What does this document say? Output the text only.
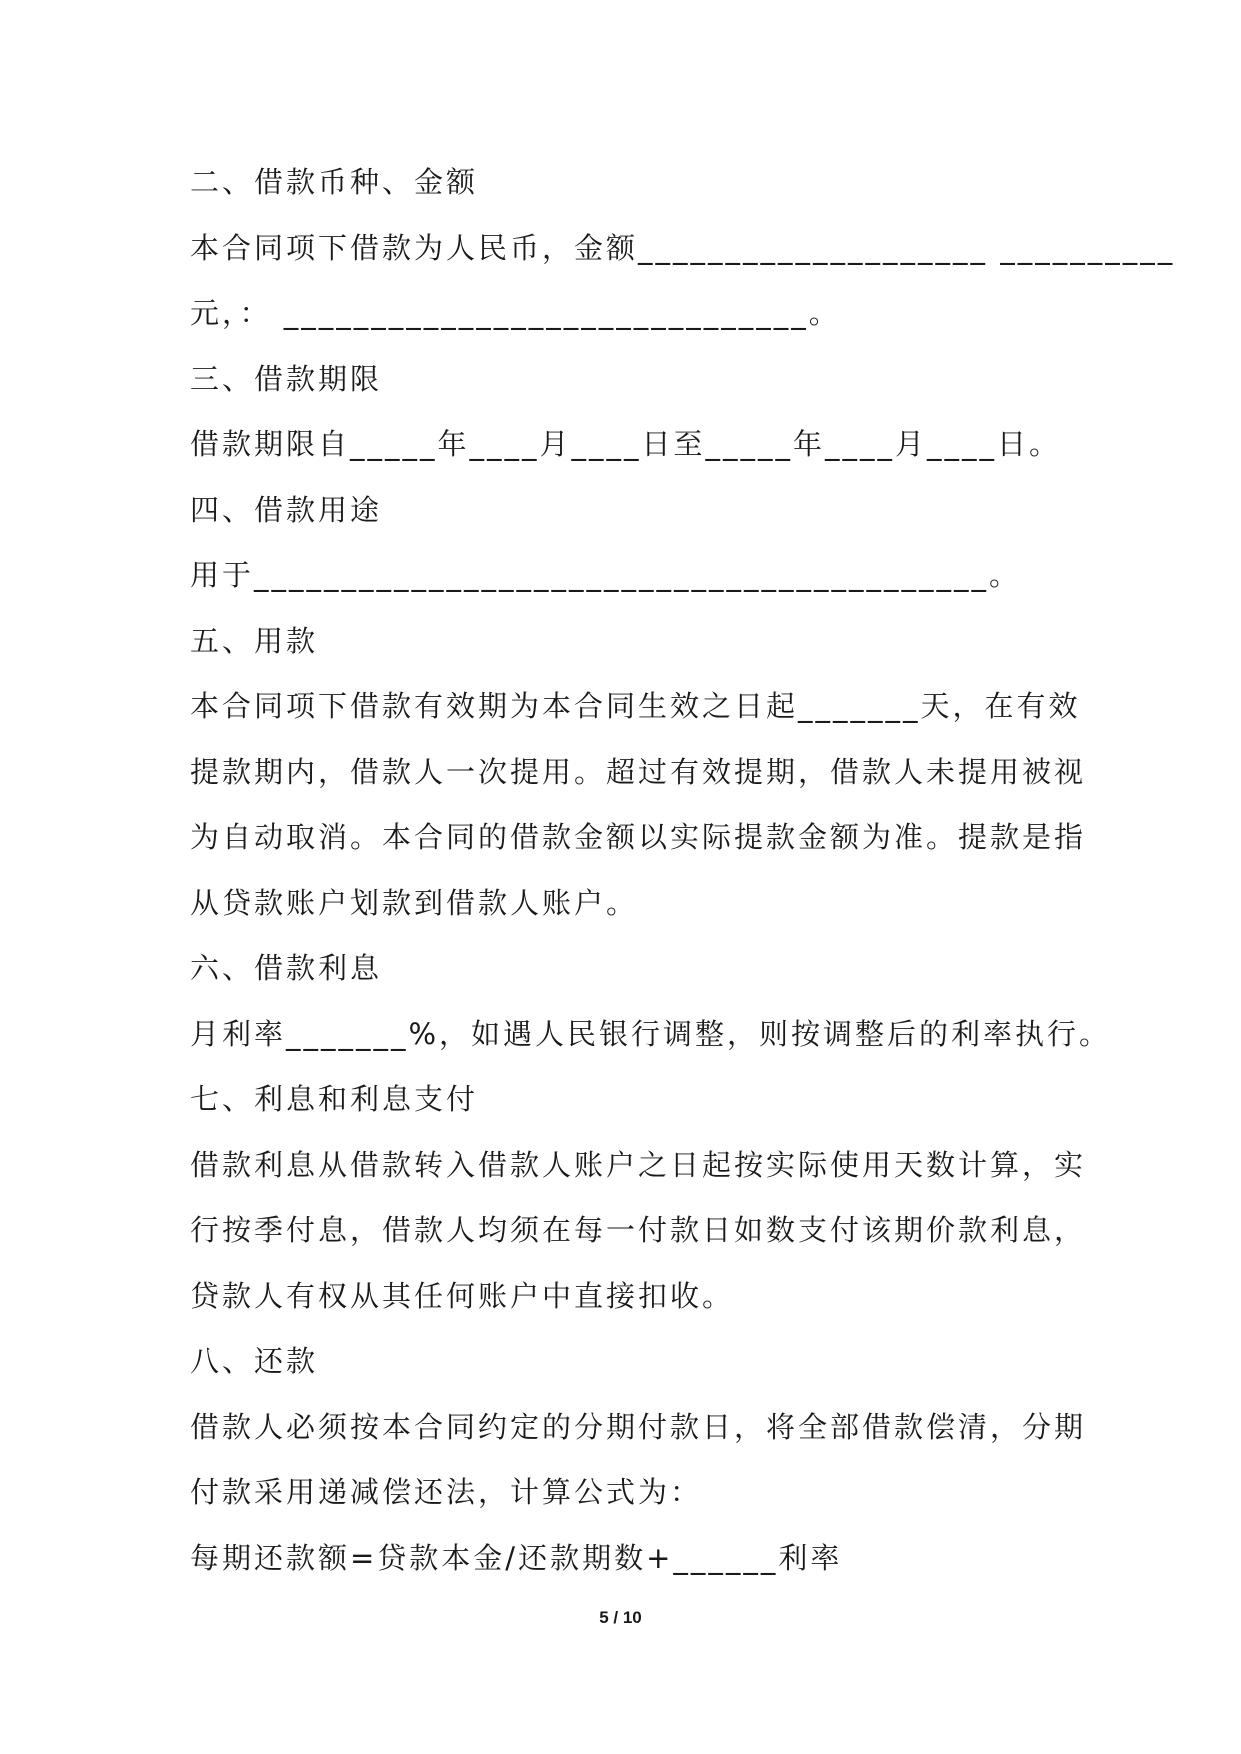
二、借款币种、金额
本合同项下借款为人民币，金额____________________ __________
元，： ______________________________。
三、借款期限
借款期限自_____年____月____日至_____年____月____日。
四、借款用途
用于__________________________________________。
五、用款
本合同项下借款有效期为本合同生效之日起_______天，在有效
提款期内，借款人一次提用。超过有效提期，借款人未提用被视
为自动取消。本合同的借款金额以实际提款金额为准。提款是指
从贷款账户划款到借款人账户。
六、借款利息
月利率_______%，如遇人民银行调整，则按调整后的利率执行。
七、利息和利息支付
借款利息从借款转入借款人账户之日起按实际使用天数计算，实
行按季付息，借款人均须在每一付款日如数支付该期价款利息，
贷款人有权从其任何账户中直接扣收。
八、还款
借款人必须按本合同约定的分期付款日，将全部借款偿清，分期
付款采用递减偿还法，计算公式为：
每期还款额=贷款本金/还款期数+______利率
5 / 10
